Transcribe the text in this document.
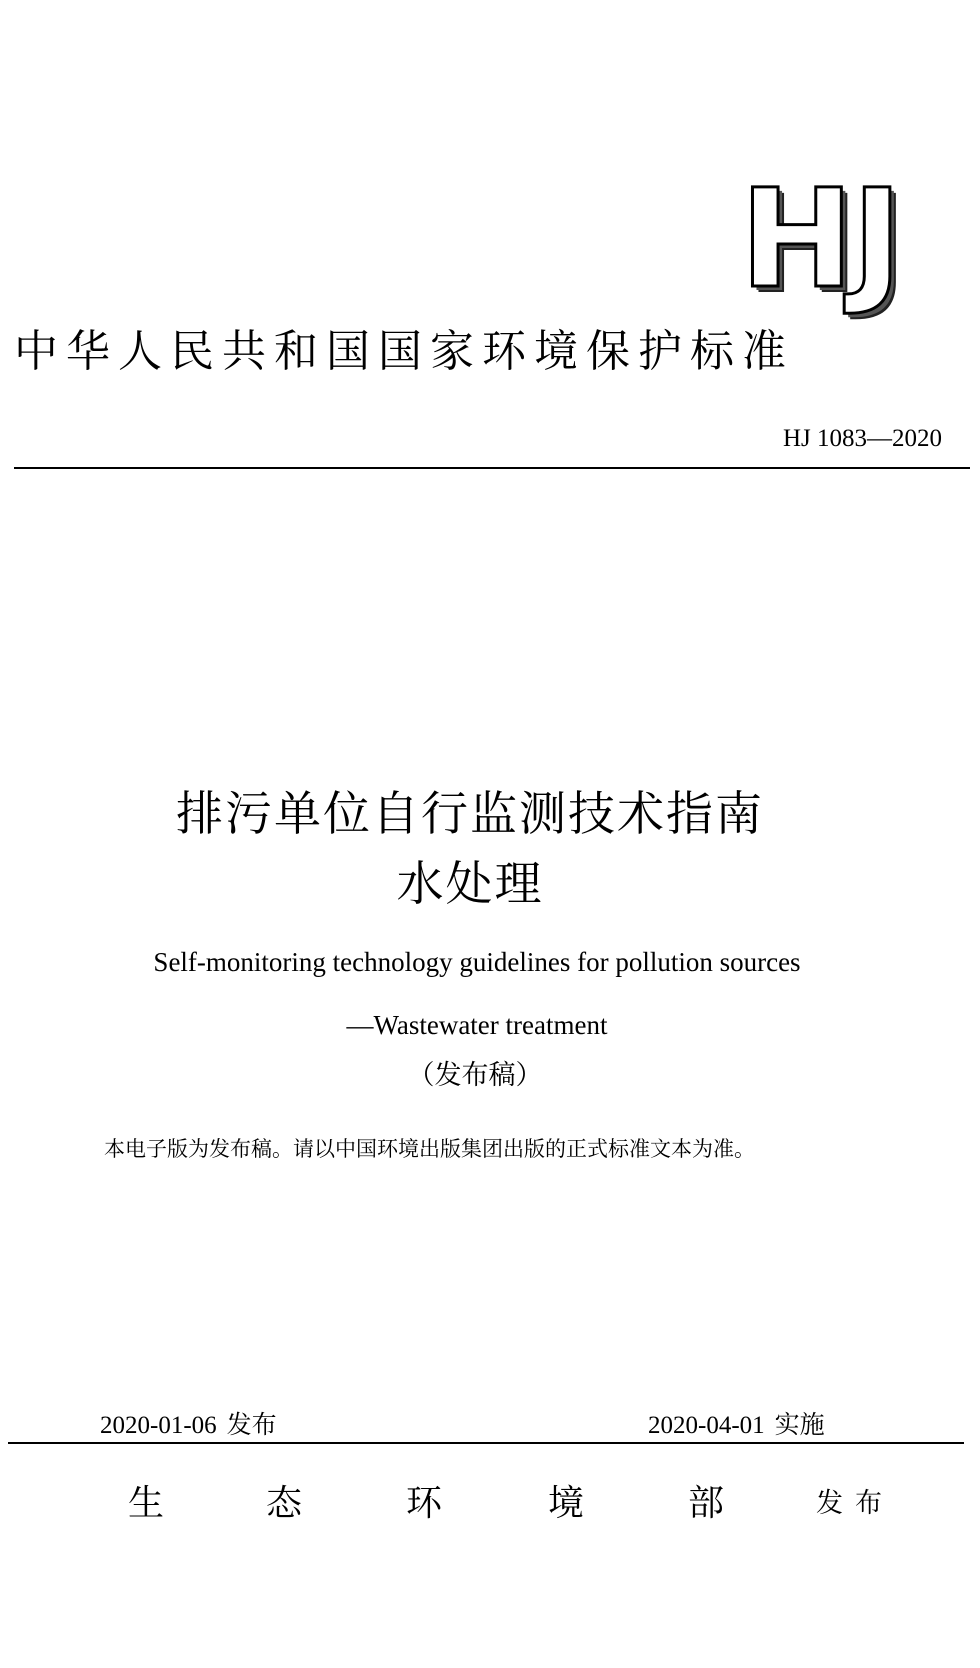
HJ
中华人民共和国国家环境保护标准
HJ 1083—2020
排污单位自行监测技术指南
水处理
Self-monitoring technology guidelines for pollution sources
—Wastewater treatment
（发布稿）
本电子版为发布稿。请以中国环境出版集团出版的正式标准文本为准。
2020-01-06 发布	2020-04-01 实施
生	态	环	境	部	发布
